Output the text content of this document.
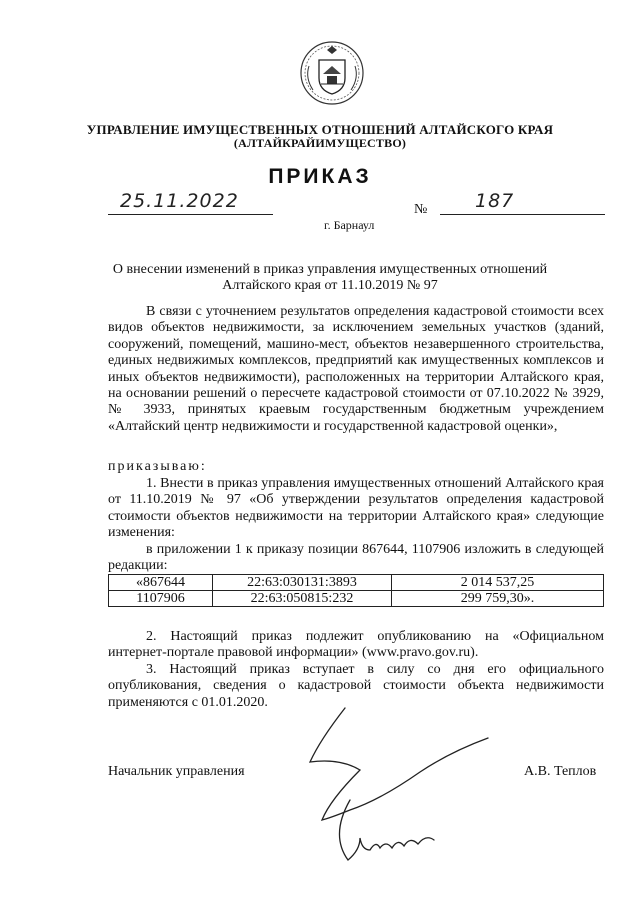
УПРАВЛЕНИЕ ИМУЩЕСТВЕННЫХ ОТНОШЕНИЙ АЛТАЙСКОГО КРАЯ
(АЛТАЙКРАЙИМУЩЕСТВО)
ПРИКАЗ
25.11.2022	№	187
г. Барнаул
О внесении изменений в приказ управления имущественных отношений Алтайского края от 11.10.2019 № 97
В связи с уточнением результатов определения кадастровой стоимости всех видов объектов недвижимости, за исключением земельных участков (зданий, сооружений, помещений, машино-мест, объектов незавершенного строительства, единых недвижимых комплексов, предприятий как имущественных комплексов и иных объектов недвижимости), расположенных на территории Алтайского края, на основании решений о пересчете кадастровой стоимости от 07.10.2022 № 3929, № 3933, принятых краевым государственным бюджетным учреждением «Алтайский центр недвижимости и государственной кадастровой оценки»,
приказываю:
1. Внести в приказ управления имущественных отношений Алтайского края от 11.10.2019 № 97 «Об утверждении результатов определения кадастровой стоимости объектов недвижимости на территории Алтайского края» следующие изменения:
в приложении 1 к приказу позиции 867644, 1107906 изложить в следующей редакции:
«867644	22:63:030131:3893	2 014 537,25
1107906	22:63:050815:232	299 759,30».
2. Настоящий приказ подлежит опубликованию на «Официальном интернет-портале правовой информации» (www.pravo.gov.ru).
3. Настоящий приказ вступает в силу со дня его официального опубликования, сведения о кадастровой стоимости объекта недвижимости применяются с 01.01.2020.
Начальник управления	А.В. Теплов
